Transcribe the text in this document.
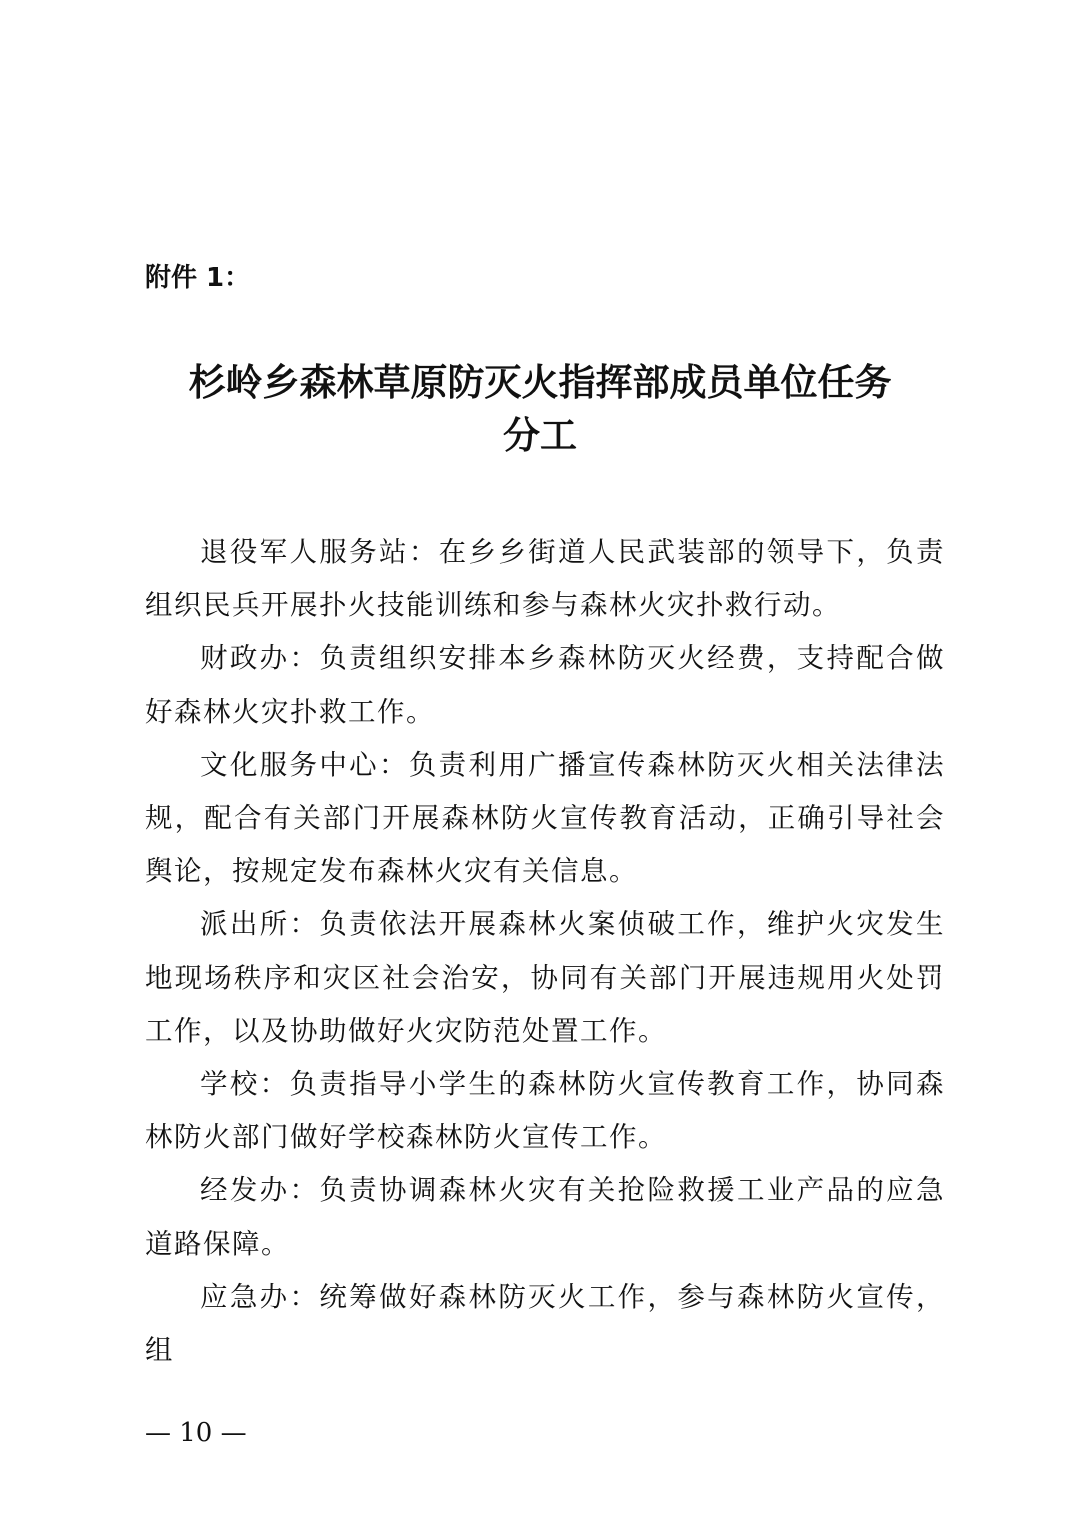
附件 1：

杉岭乡森林草原防灭火指挥部成员单位任务
分工

退役军人服务站：在乡乡街道人民武装部的领导下，负责组织民兵开展扑火技能训练和参与森林火灾扑救行动。

财政办：负责组织安排本乡森林防灭火经费，支持配合做好森林火灾扑救工作。

文化服务中心：负责利用广播宣传森林防灭火相关法律法规，配合有关部门开展森林防火宣传教育活动，正确引导社会舆论，按规定发布森林火灾有关信息。

派出所：负责依法开展森林火案侦破工作，维护火灾发生地现场秩序和灾区社会治安，协同有关部门开展违规用火处罚工作，以及协助做好火灾防范处置工作。

学校：负责指导小学生的森林防火宣传教育工作，协同森林防火部门做好学校森林防火宣传工作。

经发办：负责协调森林火灾有关抢险救援工业产品的应急道路保障。

应急办：统筹做好森林防灭火工作，参与森林防火宣传，组

— 10 —
